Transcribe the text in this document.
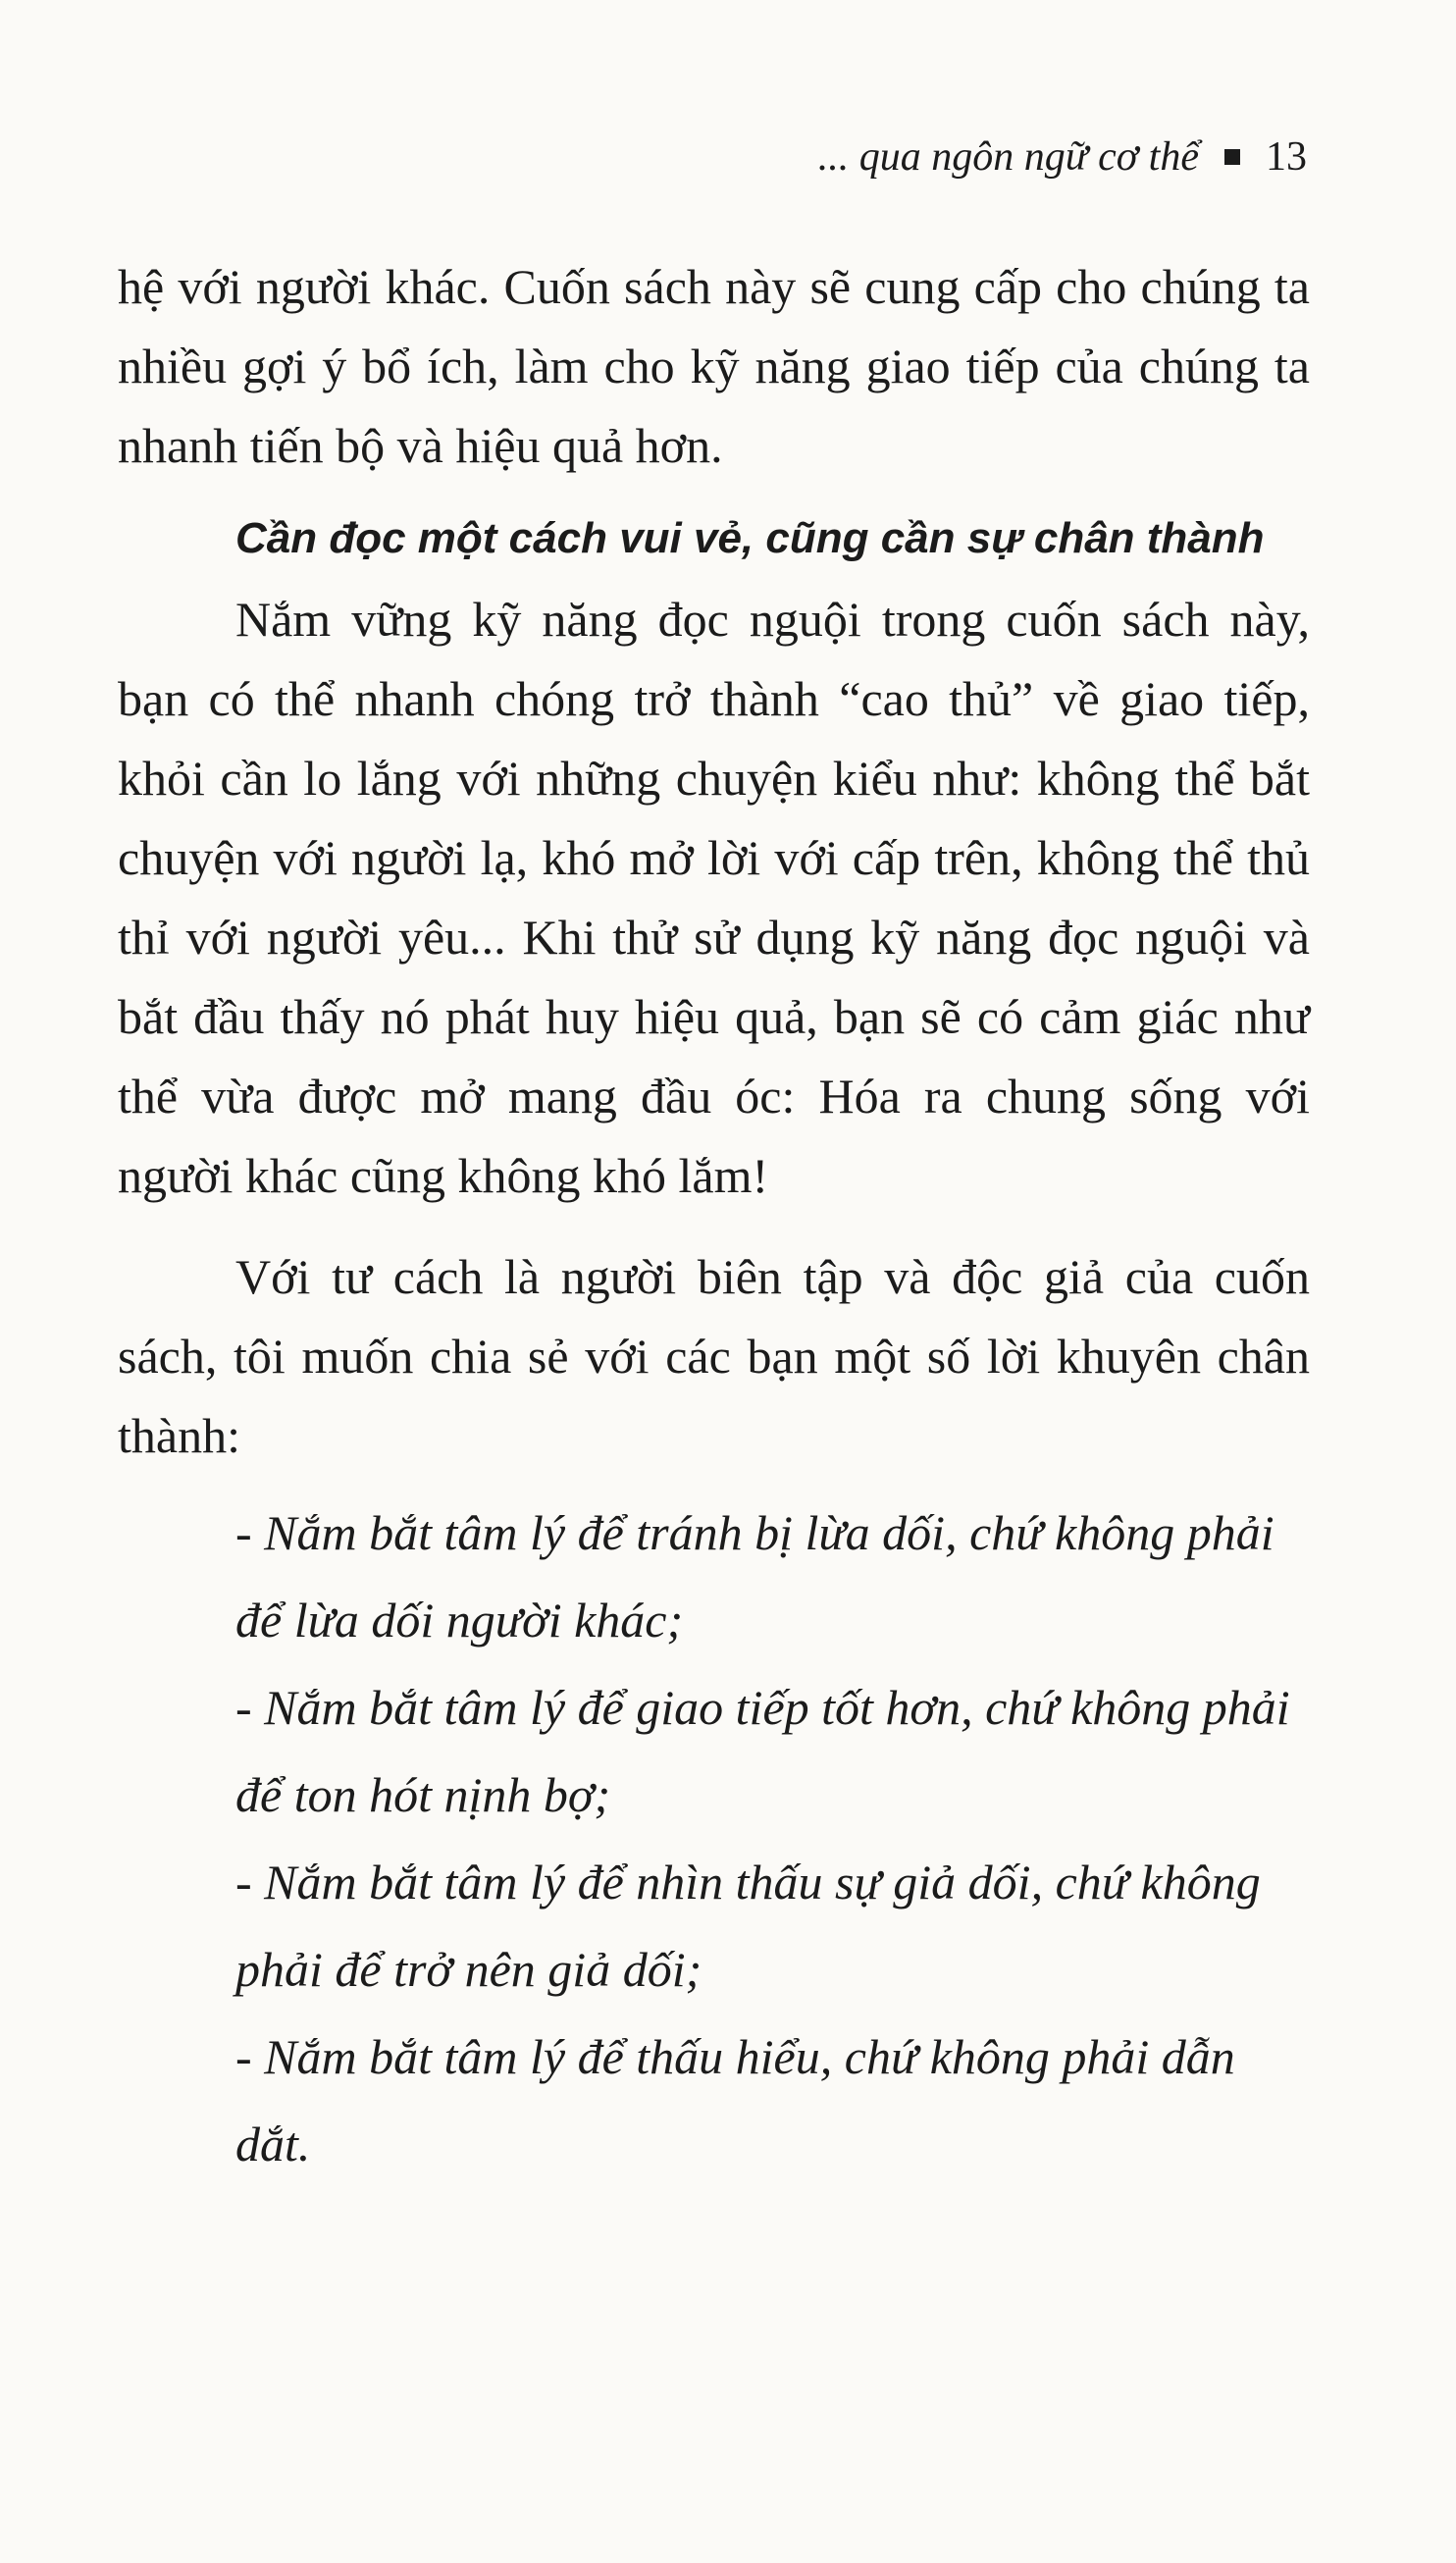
... qua ngôn ngữ cơ thể 13

hệ với người khác. Cuốn sách này sẽ cung cấp cho chúng ta nhiều gợi ý bổ ích, làm cho kỹ năng giao tiếp của chúng ta nhanh tiến bộ và hiệu quả hơn.

Cần đọc một cách vui vẻ, cũng cần sự chân thành

Nắm vững kỹ năng đọc nguội trong cuốn sách này, bạn có thể nhanh chóng trở thành “cao thủ” về giao tiếp, khỏi cần lo lắng với những chuyện kiểu như: không thể bắt chuyện với người lạ, khó mở lời với cấp trên, không thể thủ thỉ với người yêu... Khi thử sử dụng kỹ năng đọc nguội và bắt đầu thấy nó phát huy hiệu quả, bạn sẽ có cảm giác như thể vừa được mở mang đầu óc: Hóa ra chung sống với người khác cũng không khó lắm!

Với tư cách là người biên tập và độc giả của cuốn sách, tôi muốn chia sẻ với các bạn một số lời khuyên chân thành:

- Nắm bắt tâm lý để tránh bị lừa dối, chứ không phải để lừa dối người khác;
- Nắm bắt tâm lý để giao tiếp tốt hơn, chứ không phải để ton hót nịnh bợ;
- Nắm bắt tâm lý để nhìn thấu sự giả dối, chứ không phải để trở nên giả dối;
- Nắm bắt tâm lý để thấu hiểu, chứ không phải dẫn dắt.
